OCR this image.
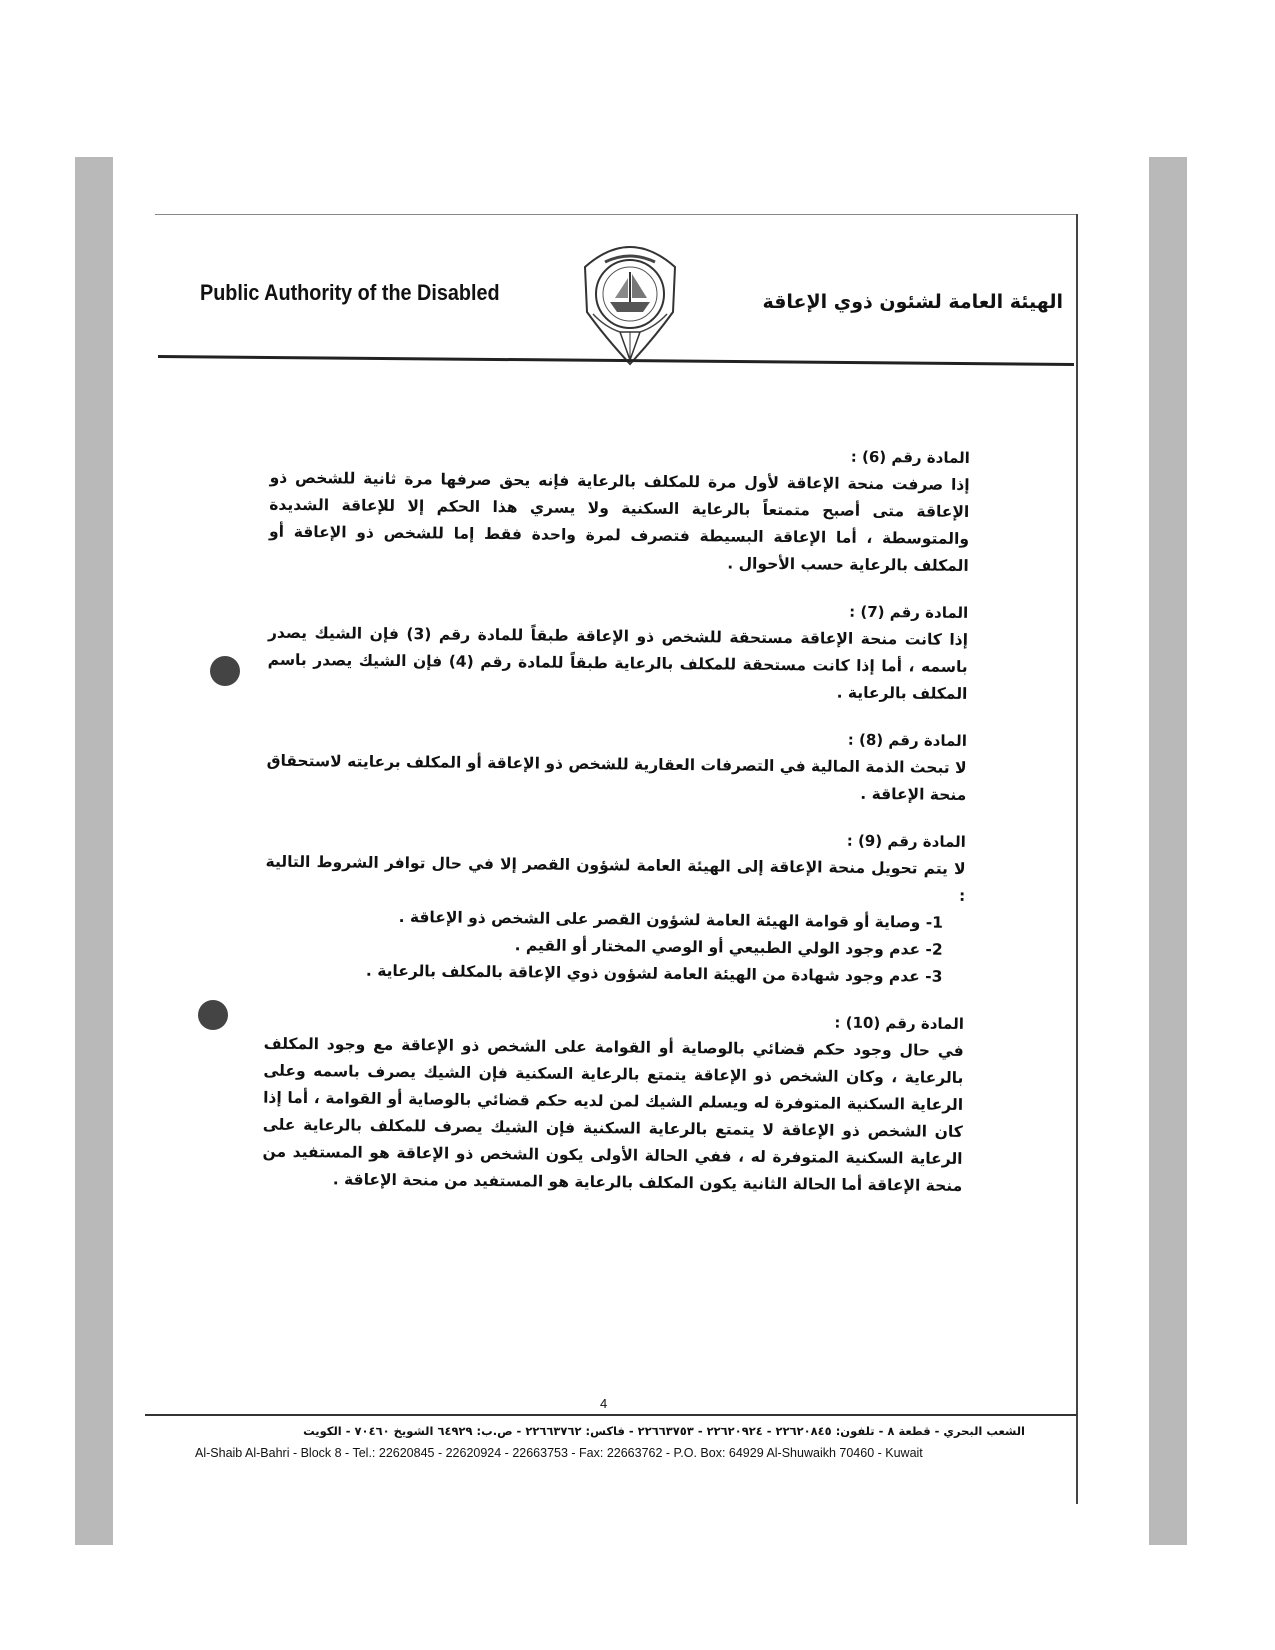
Public Authority of the Disabled	الهيئة العامة لشئون ذوي الإعاقة

المادة رقم (6) :

إذا صرفت منحة الإعاقة لأول مرة للمكلف بالرعاية فإنه يحق صرفها مرة ثانية للشخص ذو الإعاقة متى أصبح متمتعاً بالرعاية السكنية ولا يسري هذا الحكم إلا للإعاقة الشديدة والمتوسطة ، أما الإعاقة البسيطة فتصرف لمرة واحدة فقط إما للشخص ذو الإعاقة أو المكلف بالرعاية حسب الأحوال .

المادة رقم (7) :

إذا كانت منحة الإعاقة مستحقة للشخص ذو الإعاقة طبقاً للمادة رقم (3) فإن الشيك يصدر باسمه ، أما إذا كانت مستحقة للمكلف بالرعاية طبقاً للمادة رقم (4) فإن الشيك يصدر باسم المكلف بالرعاية .

المادة رقم (8) :

لا تبحث الذمة المالية في التصرفات العقارية للشخص ذو الإعاقة أو المكلف برعايته لاستحقاق منحة الإعاقة .

المادة رقم (9) :

لا يتم تحويل منحة الإعاقة إلى الهيئة العامة لشؤون القصر إلا في حال توافر الشروط التالية :

1- وصاية أو قوامة الهيئة العامة لشؤون القصر على الشخص ذو الإعاقة .
2- عدم وجود الولي الطبيعي أو الوصي المختار أو القيم .
3- عدم وجود شهادة من الهيئة العامة لشؤون ذوي الإعاقة بالمكلف بالرعاية .

المادة رقم (10) :

في حال وجود حكم قضائي بالوصاية أو القوامة على الشخص ذو الإعاقة مع وجود المكلف بالرعاية ، وكان الشخص ذو الإعاقة يتمتع بالرعاية السكنية فإن الشيك يصرف باسمه وعلى الرعاية السكنية المتوفرة له ويسلم الشيك لمن لديه حكم قضائي بالوصاية أو القوامة ، أما إذا كان الشخص ذو الإعاقة لا يتمتع بالرعاية السكنية فإن الشيك يصرف للمكلف بالرعاية على الرعاية السكنية المتوفرة له ، ففي الحالة الأولى يكون الشخص ذو الإعاقة هو المستفيد من منحة الإعاقة أما الحالة الثانية يكون المكلف بالرعاية هو المستفيد من منحة الإعاقة .

4
الشعب البحري - قطعة ٨ - تلفون: ٢٢٦٢٠٨٤٥ - ٢٢٦٢٠٩٢٤ - ٢٢٦٦٣٧٥٣ - فاكس: ٢٢٦٦٣٧٦٢ - ص.ب: ٦٤٩٢٩ الشويخ ٧٠٤٦٠ - الكويت
Al-Shaib Al-Bahri - Block 8 - Tel.: 22620845 - 22620924 - 22663753 - Fax: 22663762 - P.O. Box: 64929 Al-Shuwaikh 70460 - Kuwait
